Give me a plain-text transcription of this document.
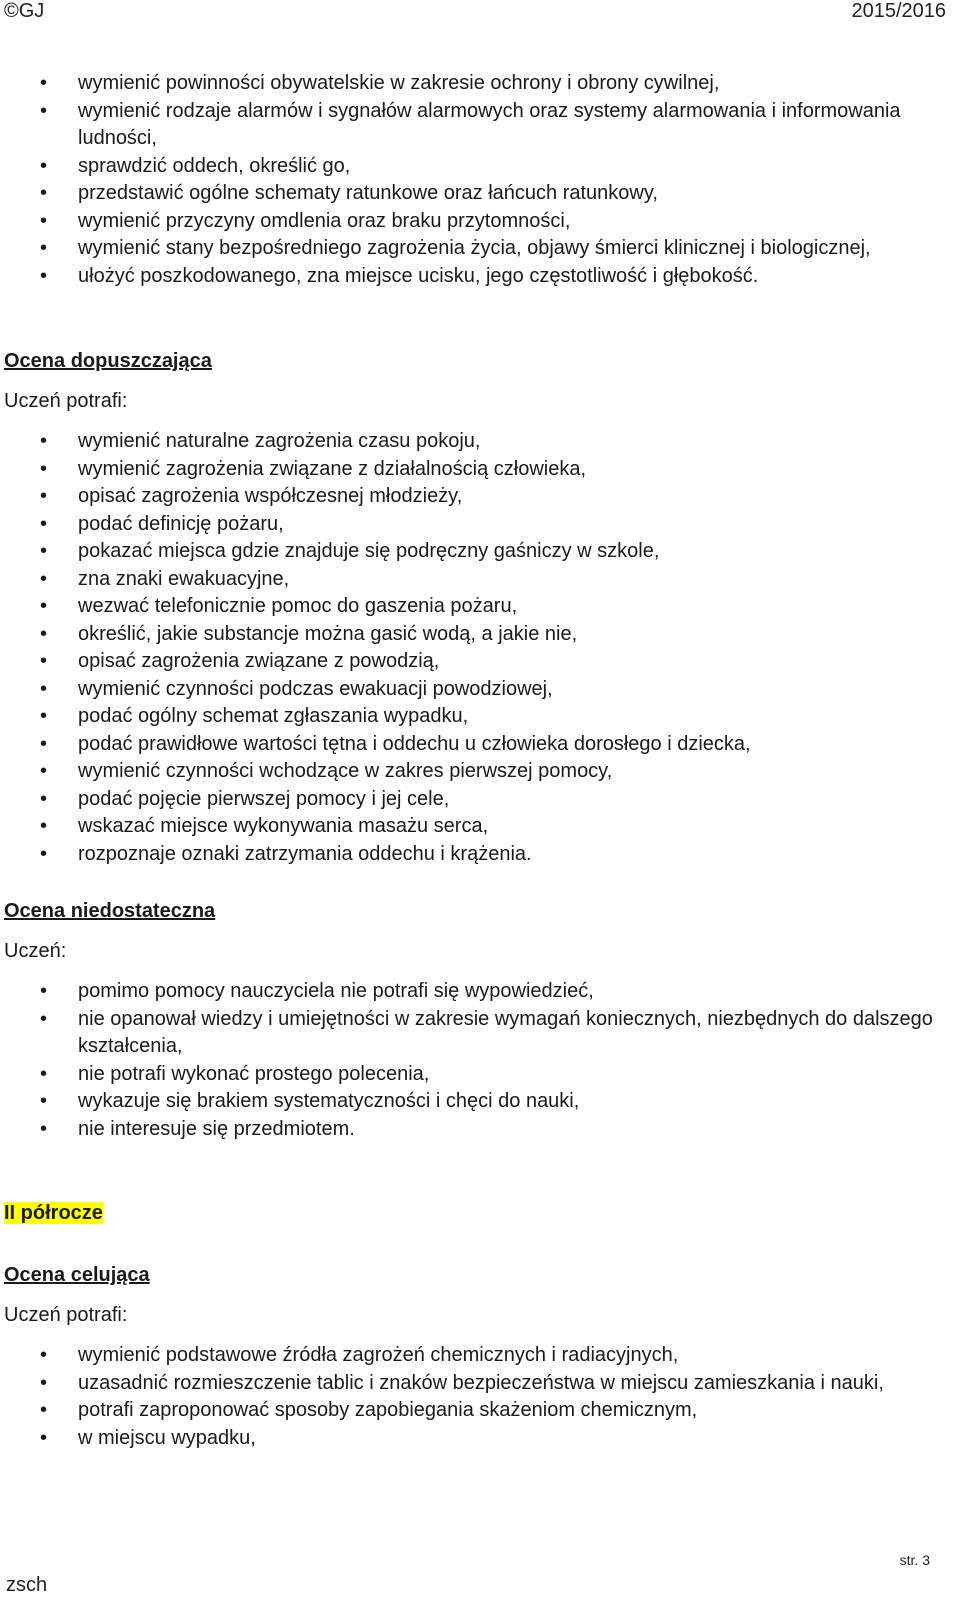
©GJ	2015/2016
• wymienić powinności obywatelskie w zakresie ochrony i obrony cywilnej,
• wymienić rodzaje alarmów i sygnałów alarmowych oraz systemy alarmowania i informowania ludności,
• sprawdzić oddech, określić go,
• przedstawić ogólne schematy ratunkowe oraz łańcuch ratunkowy,
• wymienić przyczyny omdlenia oraz braku przytomności,
• wymienić stany bezpośredniego zagrożenia życia, objawy śmierci klinicznej i biologicznej,
• ułożyć poszkodowanego, zna miejsce ucisku, jego częstotliwość i głębokość.
Ocena dopuszczająca
Uczeń potrafi:
• wymienić naturalne zagrożenia czasu pokoju,
• wymienić zagrożenia związane z działalnością człowieka,
• opisać zagrożenia współczesnej młodzieży,
• podać definicję pożaru,
• pokazać miejsca gdzie znajduje się podręczny gaśniczy w szkole,
• zna znaki ewakuacyjne,
• wezwać telefonicznie pomoc do gaszenia pożaru,
• określić, jakie substancje można gasić wodą, a jakie nie,
• opisać zagrożenia związane z powodzią,
• wymienić czynności podczas ewakuacji powodziowej,
• podać ogólny schemat zgłaszania wypadku,
• podać prawidłowe wartości tętna i oddechu u człowieka dorosłego i dziecka,
• wymienić czynności wchodzące w zakres pierwszej pomocy,
• podać pojęcie pierwszej pomocy i jej cele,
• wskazać miejsce wykonywania masażu serca,
• rozpoznaje oznaki zatrzymania oddechu i krążenia.
Ocena niedostateczna
Uczeń:
• pomimo pomocy nauczyciela nie potrafi się wypowiedzieć,
• nie opanował wiedzy i umiejętności w zakresie wymagań koniecznych, niezbędnych do dalszego kształcenia,
• nie potrafi wykonać prostego polecenia,
• wykazuje się brakiem systematyczności i chęci do nauki,
• nie interesuje się przedmiotem.
II półrocze
Ocena celująca
Uczeń potrafi:
• wymienić podstawowe źródła zagrożeń chemicznych i radiacyjnych,
• uzasadnić rozmieszczenie tablic i znaków bezpieczeństwa w miejscu zamieszkania i nauki,
• potrafi zaproponować sposoby zapobiegania skażeniom chemicznym,
• w miejscu wypadku,
str. 3
zsch
